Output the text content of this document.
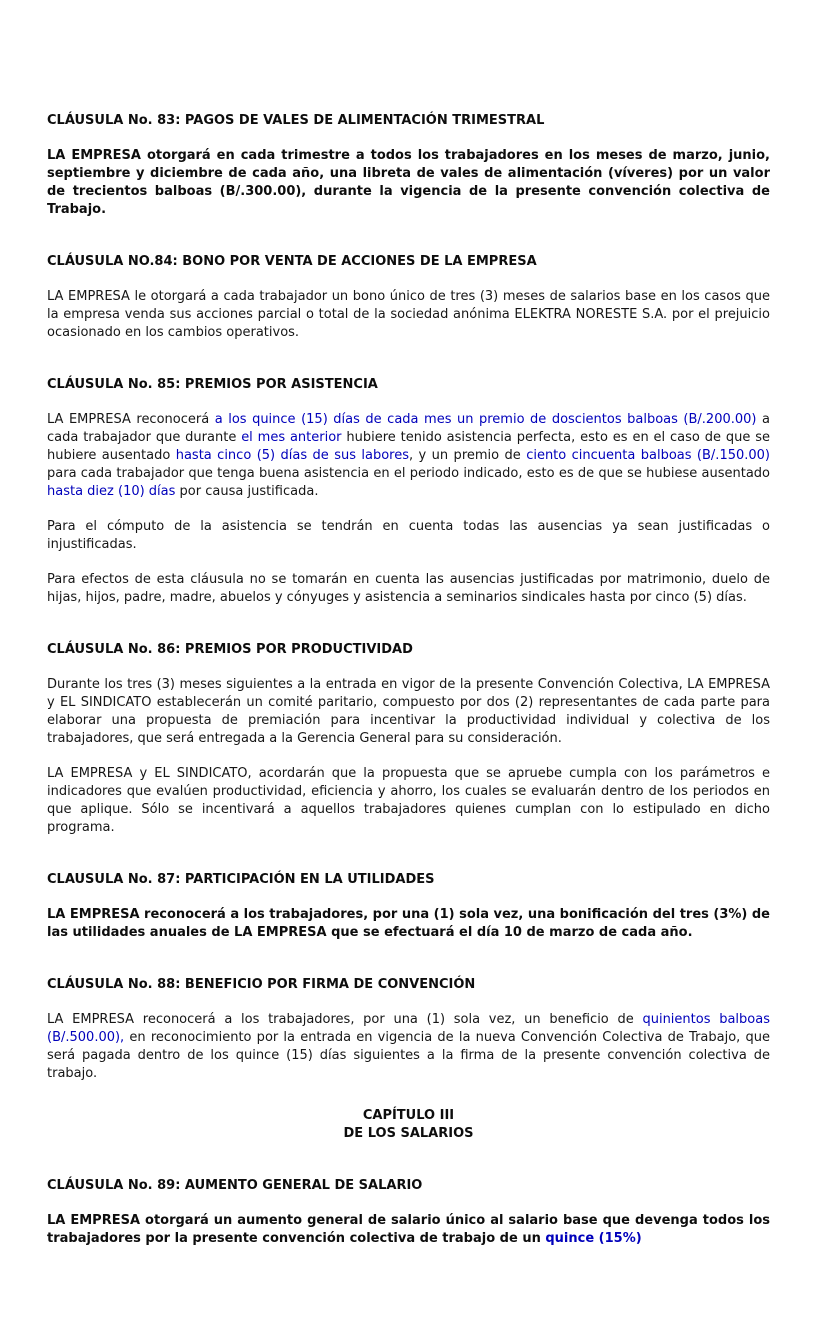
CLÁUSULA No. 83: PAGOS DE VALES DE ALIMENTACIÓN TRIMESTRAL

LA EMPRESA otorgará en cada trimestre a todos los trabajadores en los meses de marzo, junio, septiembre y diciembre de cada año, una libreta de vales de alimentación (víveres) por un valor de trecientos balboas (B/.300.00), durante la vigencia de la presente convención colectiva de Trabajo.

CLÁUSULA NO.84: BONO POR VENTA DE ACCIONES DE LA EMPRESA

LA EMPRESA le otorgará a cada trabajador un bono único de tres (3) meses de salarios base en los casos que la empresa venda sus acciones parcial o total de la sociedad anónima ELEKTRA NORESTE S.A. por el prejuicio ocasionado en los cambios operativos.

CLÁUSULA No. 85: PREMIOS POR ASISTENCIA

LA EMPRESA reconocerá a los quince (15) días de cada mes un premio de doscientos balboas (B/.200.00) a cada trabajador que durante el mes anterior hubiere tenido asistencia perfecta, esto es en el caso de que se hubiere ausentado hasta cinco (5) días de sus labores, y un premio de ciento cincuenta balboas (B/.150.00) para cada trabajador que tenga buena asistencia en el periodo indicado, esto es de que se hubiese ausentado hasta diez (10) días por causa justificada.

Para el cómputo de la asistencia se tendrán en cuenta todas las ausencias ya sean justificadas o injustificadas.

Para efectos de esta cláusula no se tomarán en cuenta las ausencias justificadas por matrimonio, duelo de hijas, hijos, padre, madre, abuelos y cónyuges y asistencia a seminarios sindicales hasta por cinco (5) días.

CLÁUSULA No. 86: PREMIOS POR PRODUCTIVIDAD

Durante los tres (3) meses siguientes a la entrada en vigor de la presente Convención Colectiva, LA EMPRESA y EL SINDICATO establecerán un comité paritario, compuesto por dos (2) representantes de cada parte para elaborar una propuesta de premiación para incentivar la productividad individual y colectiva de los trabajadores, que será entregada a la Gerencia General para su consideración.

LA EMPRESA y EL SINDICATO, acordarán que la propuesta que se apruebe cumpla con los parámetros e indicadores que evalúen productividad, eficiencia y ahorro, los cuales se evaluarán dentro de los periodos en que aplique. Sólo se incentivará a aquellos trabajadores quienes cumplan con lo estipulado en dicho programa.

CLAUSULA No. 87: PARTICIPACIÓN EN LA UTILIDADES

LA EMPRESA reconocerá a los trabajadores, por una (1) sola vez, una bonificación del tres (3%) de las utilidades anuales de LA EMPRESA que se efectuará el día 10 de marzo de cada año.

CLÁUSULA No. 88: BENEFICIO POR FIRMA DE CONVENCIÓN

LA EMPRESA reconocerá a los trabajadores, por una (1) sola vez, un beneficio de quinientos balboas (B/.500.00), en reconocimiento por la entrada en vigencia de la nueva Convención Colectiva de Trabajo, que será pagada dentro de los quince (15) días siguientes a la firma de la presente convención colectiva de trabajo.

CAPÍTULO III
DE LOS SALARIOS

CLÁUSULA No. 89: AUMENTO GENERAL DE SALARIO

LA EMPRESA otorgará un aumento general de salario único al salario base que devenga todos los trabajadores por la presente convención colectiva de trabajo de un quince (15%)
